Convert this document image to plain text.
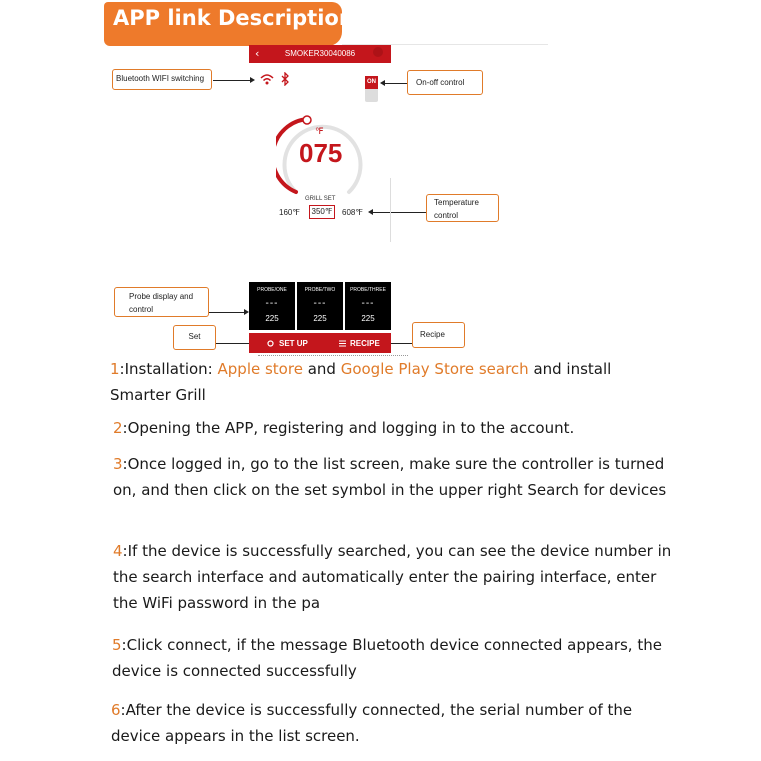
APP link Description
‹	SMOKER30040086
Bluetooth WIFI switching	ON	On-off control
℉
075
GRILL SET
350℉
160℉	608℉
Temperature control
Probe display and control
PROBE/ONE
---
225
PROBE/TWO
---
225
PROBE/THREE
---
225
Set	Recipe
SET UP	RECIPE
1:Installation: Apple store and Google Play Store search and install Smarter Grill
2:Opening the APP, registering and logging in to the account.
3:Once logged in, go to the list screen, make sure the controller is turned on, and then click on the set symbol in the upper right Search for devices
4:If the device is successfully searched, you can see the device number in the search interface and automatically enter the pairing interface, enter the WiFi password in the pa
5:Click connect, if the message Bluetooth device connected appears, the device is connected successfully
6:After the device is successfully connected, the serial number of the device appears in the list screen.
